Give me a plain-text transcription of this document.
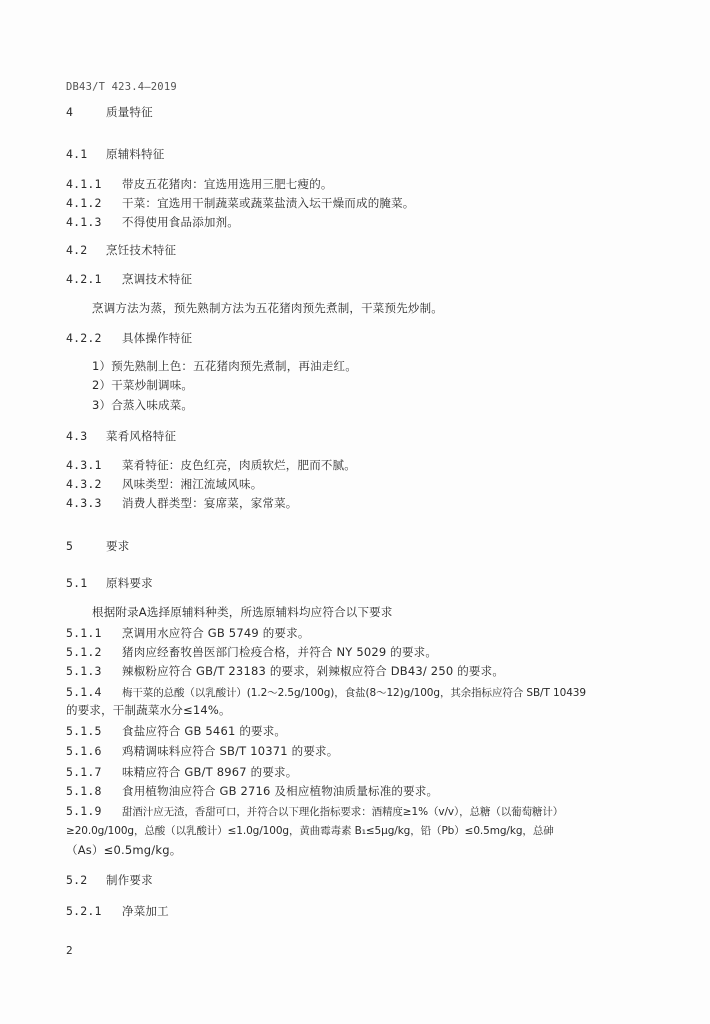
DB43/T 423.4—2019
4	质量特征
4.1 原辅料特征
4.1.1 带皮五花猪肉：宜选用选用三肥七瘦的。
4.1.2 干菜：宜选用干制蔬菜或蔬菜盐渍入坛干燥而成的腌菜。
4.1.3 不得使用食品添加剂。
4.2 烹饪技术特征
4.2.1 烹调技术特征
烹调方法为蒸，预先熟制方法为五花猪肉预先煮制，干菜预先炒制。
4.2.2 具体操作特征
1）预先熟制上色：五花猪肉预先煮制，再油走红。
2）干菜炒制调味。
3）合蒸入味成菜。
4.3 菜肴风格特征
4.3.1 菜肴特征：皮色红亮，肉质软烂，肥而不腻。
4.3.2 风味类型：湘江流域风味。
4.3.3 消费人群类型：宴席菜，家常菜。
5	要求
5.1 原料要求
根据附录A选择原辅料种类，所选原辅料均应符合以下要求
5.1.1 烹调用水应符合 GB 5749 的要求。
5.1.2 猪肉应经畜牧兽医部门检疫合格，并符合 NY 5029 的要求。
5.1.3 辣椒粉应符合 GB/T 23183 的要求，剁辣椒应符合 DB43/ 250 的要求。
5.1.4 梅干菜的总酸（以乳酸计）(1.2～2.5g/100g)，食盐(8～12)g/100g，其余指标应符合 SB/T 10439
的要求，干制蔬菜水分≤14%。
5.1.5 食盐应符合 GB 5461 的要求。
5.1.6 鸡精调味料应符合 SB/T 10371 的要求。
5.1.7 味精应符合 GB/T 8967 的要求。
5.1.8 食用植物油应符合 GB 2716 及相应植物油质量标准的要求。
5.1.9 甜酒汁应无渣，香甜可口，并符合以下理化指标要求：酒精度≥1%（v/v），总糖（以葡萄糖计）
≥20.0g/100g，总酸（以乳酸计）≤1.0g/100g，黄曲霉毒素 B₁≤5μg/kg，铅（Pb）≤0.5mg/kg，总砷
（As）≤0.5mg/kg。
5.2 制作要求
5.2.1 净菜加工
2
